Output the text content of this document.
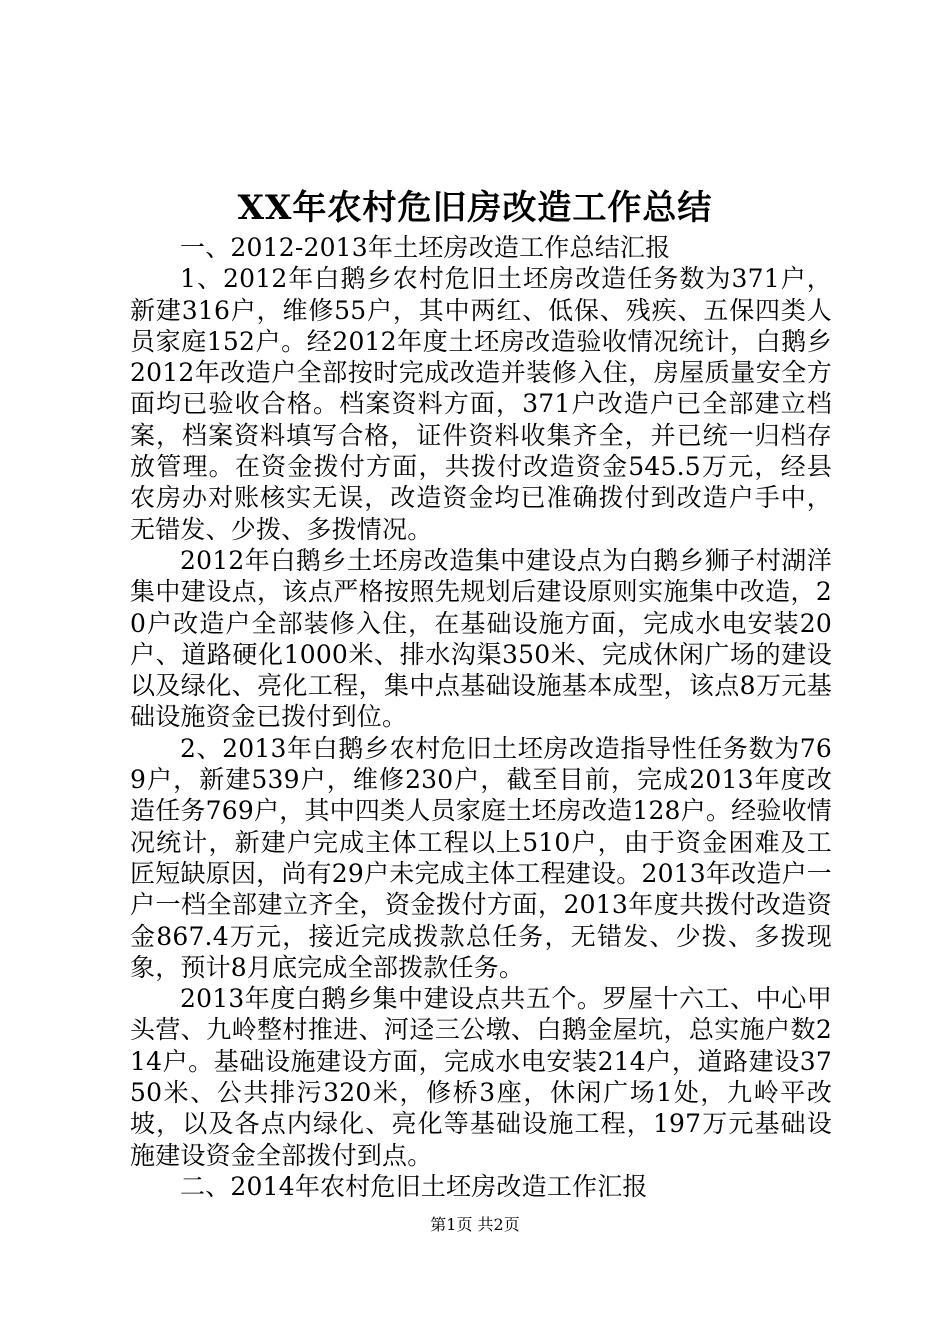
XX年农村危旧房改造工作总结

一、2012-2013年土坯房改造工作总结汇报

1、2012年白鹅乡农村危旧土坯房改造任务数为371户，新建316户，维修55户，其中两红、低保、残疾、五保四类人员家庭152户。经2012年度土坯房改造验收情况统计，白鹅乡2012年改造户全部按时完成改造并装修入住，房屋质量安全方面均已验收合格。档案资料方面，371户改造户已全部建立档案，档案资料填写合格，证件资料收集齐全，并已统一归档存放管理。在资金拨付方面，共拨付改造资金545.5万元，经县农房办对账核实无误，改造资金均已准确拨付到改造户手中，无错发、少拨、多拨情况。

2012年白鹅乡土坯房改造集中建设点为白鹅乡狮子村湖洋集中建设点，该点严格按照先规划后建设原则实施集中改造，20户改造户全部装修入住，在基础设施方面，完成水电安装20户、道路硬化1000米、排水沟渠350米、完成休闲广场的建设以及绿化、亮化工程，集中点基础设施基本成型，该点8万元基础设施资金已拨付到位。

2、2013年白鹅乡农村危旧土坯房改造指导性任务数为769户，新建539户，维修230户，截至目前，完成2013年度改造任务769户，其中四类人员家庭土坯房改造128户。经验收情况统计，新建户完成主体工程以上510户，由于资金困难及工匠短缺原因，尚有29户未完成主体工程建设。2013年改造户一户一档全部建立齐全，资金拨付方面，2013年度共拨付改造资金867.4万元，接近完成拨款总任务，无错发、少拨、多拨现象，预计8月底完成全部拨款任务。

2013年度白鹅乡集中建设点共五个。罗屋十六工、中心甲头营、九岭整村推进、河迳三公墩、白鹅金屋坑，总实施户数214户。基础设施建设方面，完成水电安装214户，道路建设3750米、公共排污320米，修桥3座，休闲广场1处，九岭平改坡，以及各点内绿化、亮化等基础设施工程，197万元基础设施建设资金全部拨付到点。

二、2014年农村危旧土坯房改造工作汇报

第1页 共2页
